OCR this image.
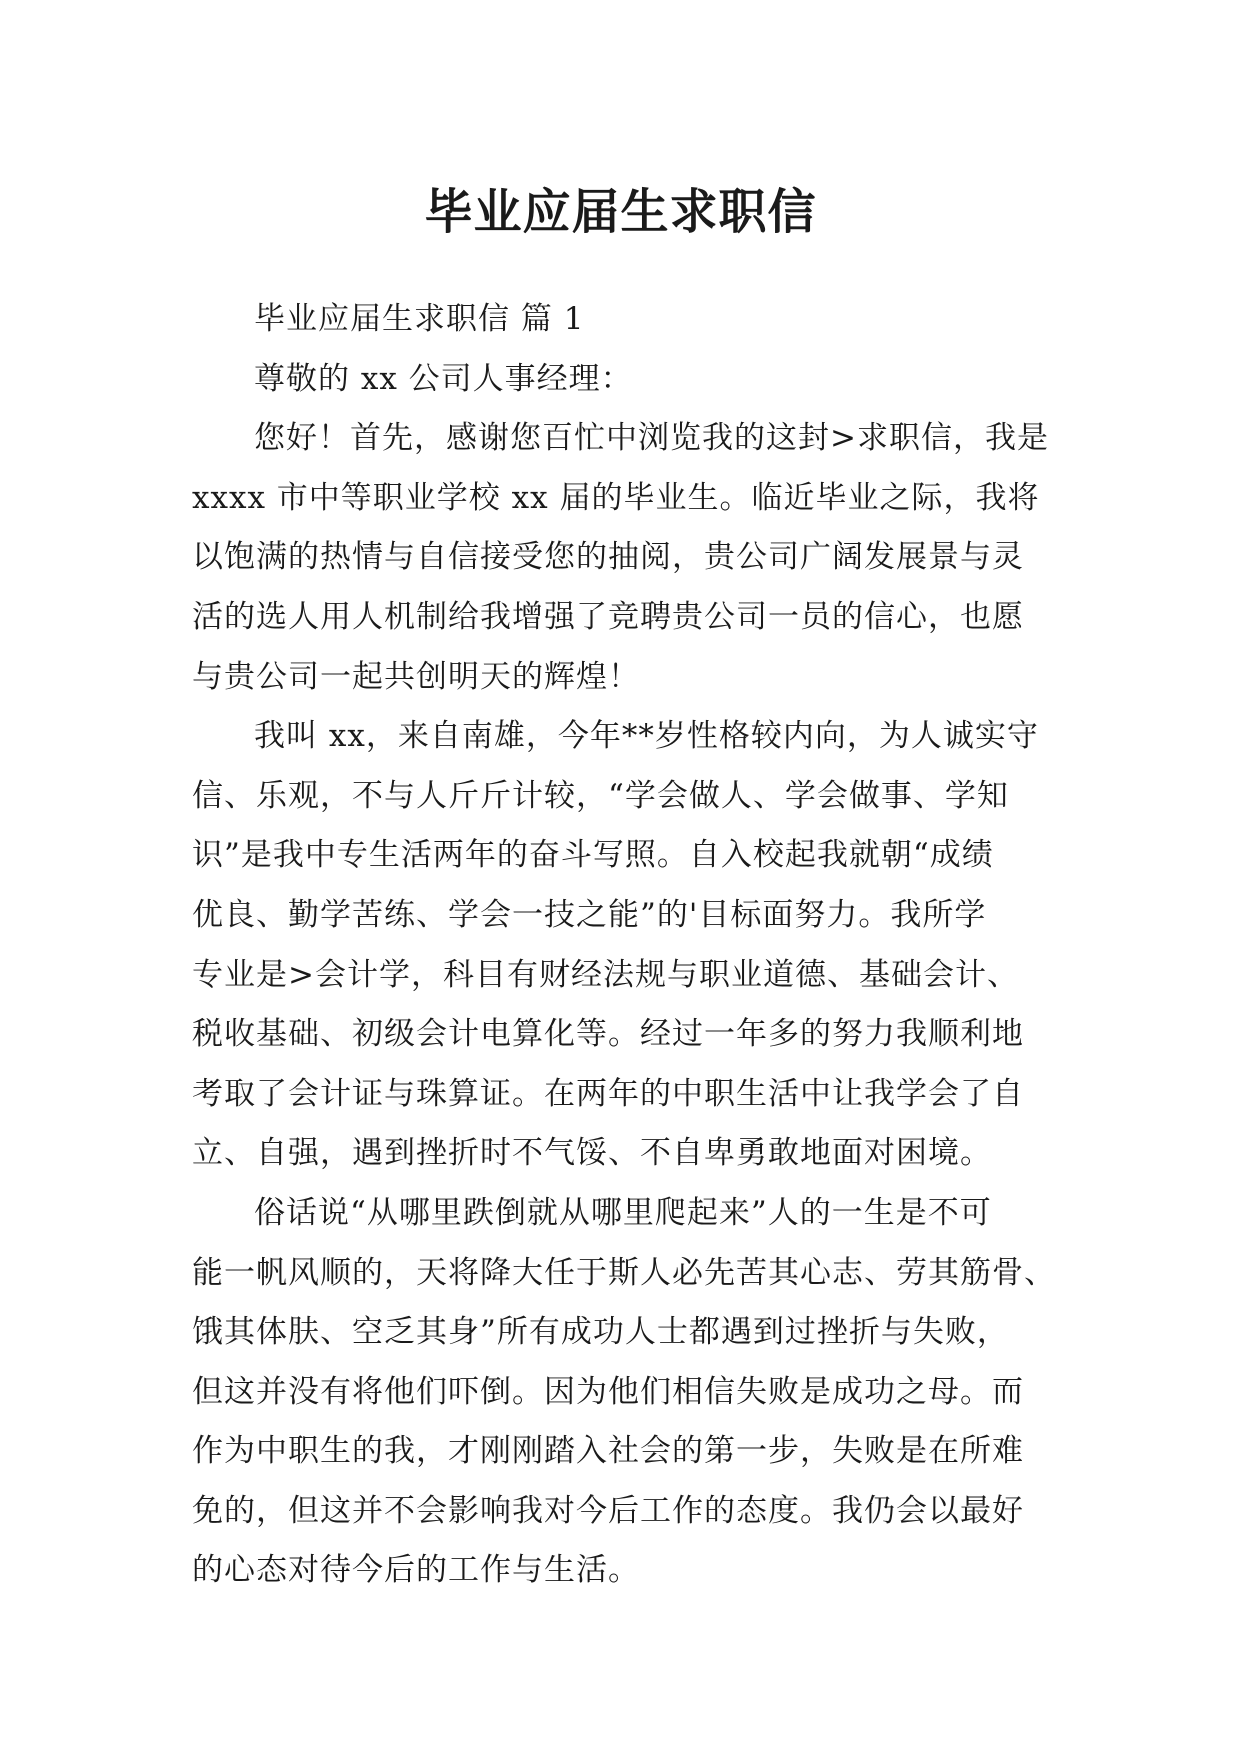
毕业应届生求职信

毕业应届生求职信 篇 1

尊敬的 xx 公司人事经理：

您好！首先，感谢您百忙中浏览我的这封>求职信，我是
xxxx 市中等职业学校 xx 届的毕业生。临近毕业之际，我将
以饱满的热情与自信接受您的抽阅，贵公司广阔发展景与灵
活的选人用人机制给我增强了竞聘贵公司一员的信心，也愿
与贵公司一起共创明天的辉煌！

我叫 xx，来自南雄，今年**岁性格较内向，为人诚实守
信、乐观，不与人斤斤计较，“学会做人、学会做事、学知
识”是我中专生活两年的奋斗写照。自入校起我就朝“成绩
优良、勤学苦练、学会一技之能”的'目标面努力。我所学
专业是>会计学，科目有财经法规与职业道德、基础会计、
税收基础、初级会计电算化等。经过一年多的努力我顺利地
考取了会计证与珠算证。在两年的中职生活中让我学会了自
立、自强，遇到挫折时不气馁、不自卑勇敢地面对困境。

俗话说“从哪里跌倒就从哪里爬起来”人的一生是不可
能一帆风顺的，天将降大任于斯人必先苦其心志、劳其筋骨、
饿其体肤、空乏其身”所有成功人士都遇到过挫折与失败，
但这并没有将他们吓倒。因为他们相信失败是成功之母。而
作为中职生的我，才刚刚踏入社会的第一步，失败是在所难
免的，但这并不会影响我对今后工作的态度。我仍会以最好
的心态对待今后的工作与生活。
